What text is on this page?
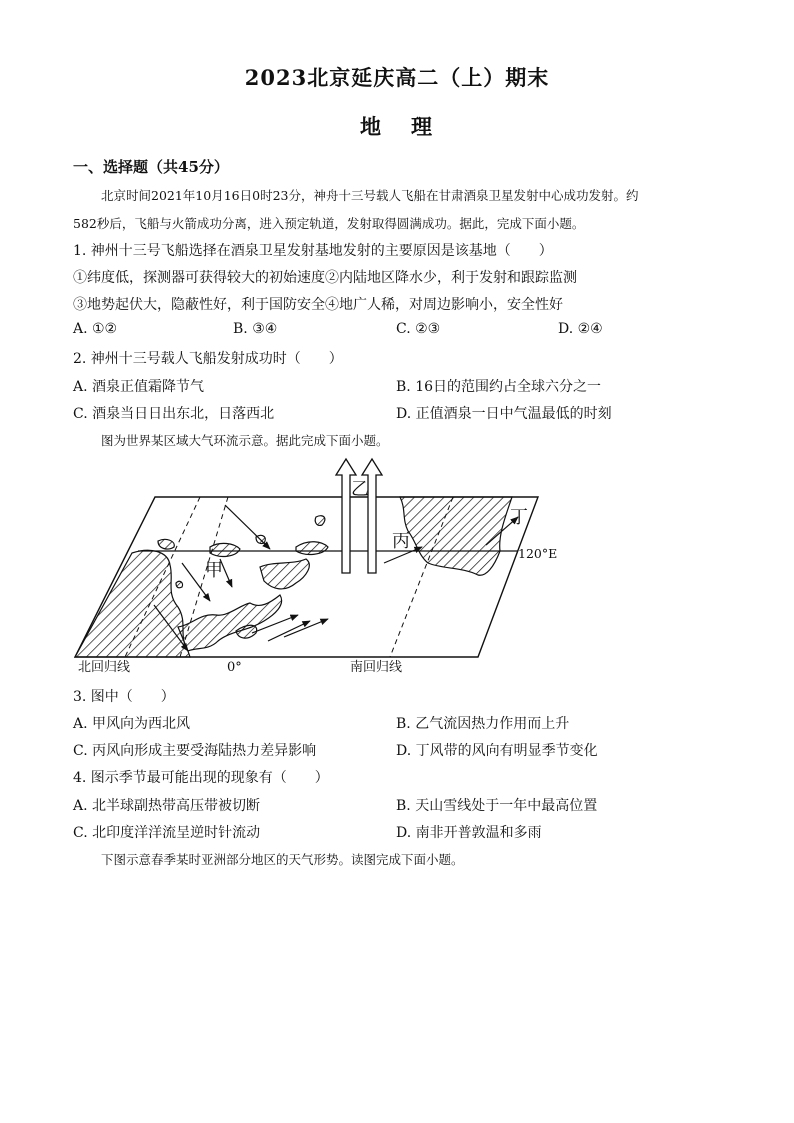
2023北京延庆高二（上）期末
地理
一、选择题（共45分）
北京时间2021年10月16日0时23分，神舟十三号载人飞船在甘肃酒泉卫星发射中心成功发射。约
582秒后，飞船与火箭成功分离，进入预定轨道，发射取得圆满成功。据此，完成下面小题。
1. 神州十三号飞船选择在酒泉卫星发射基地发射的主要原因是该基地（　　）
①纬度低，探测器可获得较大的初始速度②内陆地区降水少，利于发射和跟踪监测
③地势起伏大，隐蔽性好，利于国防安全④地广人稀，对周边影响小，安全性好
A. ①②	B. ③④	C. ②③	D. ②④
2. 神州十三号载人飞船发射成功时（　　）
A. 酒泉正值霜降节气	B. 16日的范围约占全球六分之一
C. 酒泉当日日出东北，日落西北	D. 正值酒泉一日中气温最低的时刻
图为世界某区域大气环流示意。据此完成下面小题。
甲
乙
丙
丁
120°E
北回归线	0°	南回归线
3. 图中（　　）
A. 甲风向为西北风	B. 乙气流因热力作用而上升
C. 丙风向形成主要受海陆热力差异影响	D. 丁风带的风向有明显季节变化
4. 图示季节最可能出现的现象有（　　）
A. 北半球副热带高压带被切断	B. 天山雪线处于一年中最高位置
C. 北印度洋洋流呈逆时针流动	D. 南非开普敦温和多雨
下图示意春季某时亚洲部分地区的天气形势。读图完成下面小题。
